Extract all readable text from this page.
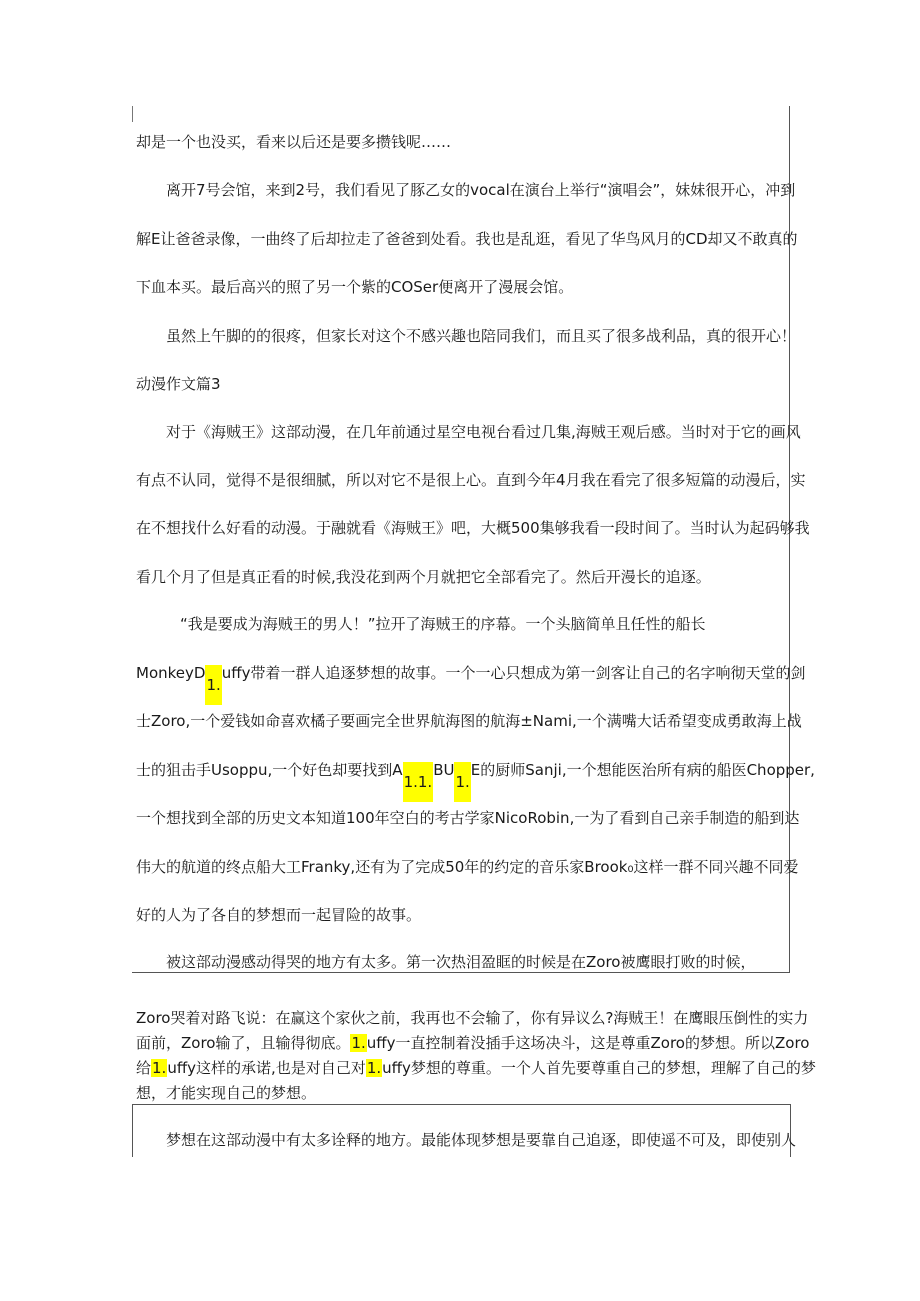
却是一个也没买，看来以后还是要多攒钱呢……
离开7号会馆，来到2号，我们看见了豚乙女的vocal在演台上举行“演唱会”，妹妹很开心，冲到
解E让爸爸录像，一曲终了后却拉走了爸爸到处看。我也是乱逛，看见了华鸟风月的CD却又不敢真的
下血本买。最后高兴的照了另一个紫的COSer便离开了漫展会馆。
虽然上午脚的的很疼，但家长对这个不感兴趣也陪同我们，而且买了很多战利品，真的很开心！
动漫作文篇3
对于《海贼王》这部动漫，在几年前通过星空电视台看过几集,海贼王观后感。当时对于它的画风
有点不认同，觉得不是很细腻，所以对它不是很上心。直到今年4月我在看完了很多短篇的动漫后，实
在不想找什么好看的动漫。于融就看《海贼王》吧，大概500集够我看一段时间了。当时认为起码够我
看几个月了但是真正看的时候,我没花到两个月就把它全部看完了。然后开漫长的追逐。
“我是要成为海贼王的男人！”拉开了海贼王的序幕。一个头脑简单且任性的船长
MonkeyD1.uffy带着一群人追逐梦想的故事。一个一心只想成为第一剑客让自己的名字响彻天堂的剑
士Zoro,一个爱钱如命喜欢橘子要画完全世界航海图的航海±Nami,一个满嘴大话希望变成勇敢海上战
士的狙击手Usoppu,一个好色却要找到A1.1.BU1.E的厨师Sanji,一个想能医治所有病的船医Chopper,
一个想找到全部的历史文本知道100年空白的考古学家NicoRobin,一为了看到自己亲手制造的船到达
伟大的航道的终点船大工Franky,还有为了完成50年的约定的音乐家Brook₀这样一群不同兴趣不同爱
好的人为了各自的梦想而一起冒险的故事。
被这部动漫感动得哭的地方有太多。第一次热泪盈眶的时候是在Zoro被鹰眼打败的时候，
Zoro哭着对路飞说：在赢这个家伙之前，我再也不会输了，你有异议么?海贼王！在鹰眼压倒性的实力
面前，Zoro输了，且输得彻底。1.uffy一直控制着没插手这场决斗，这是尊重Zoro的梦想。所以Zoro
给1.uffy这样的承诺,也是对自己对1.uffy梦想的尊重。一个人首先要尊重自己的梦想，理解了自己的梦
想，才能实现自己的梦想。
梦想在这部动漫中有太多诠释的地方。最能体现梦想是要靠自己追逐，即使遥不可及，即使别人
